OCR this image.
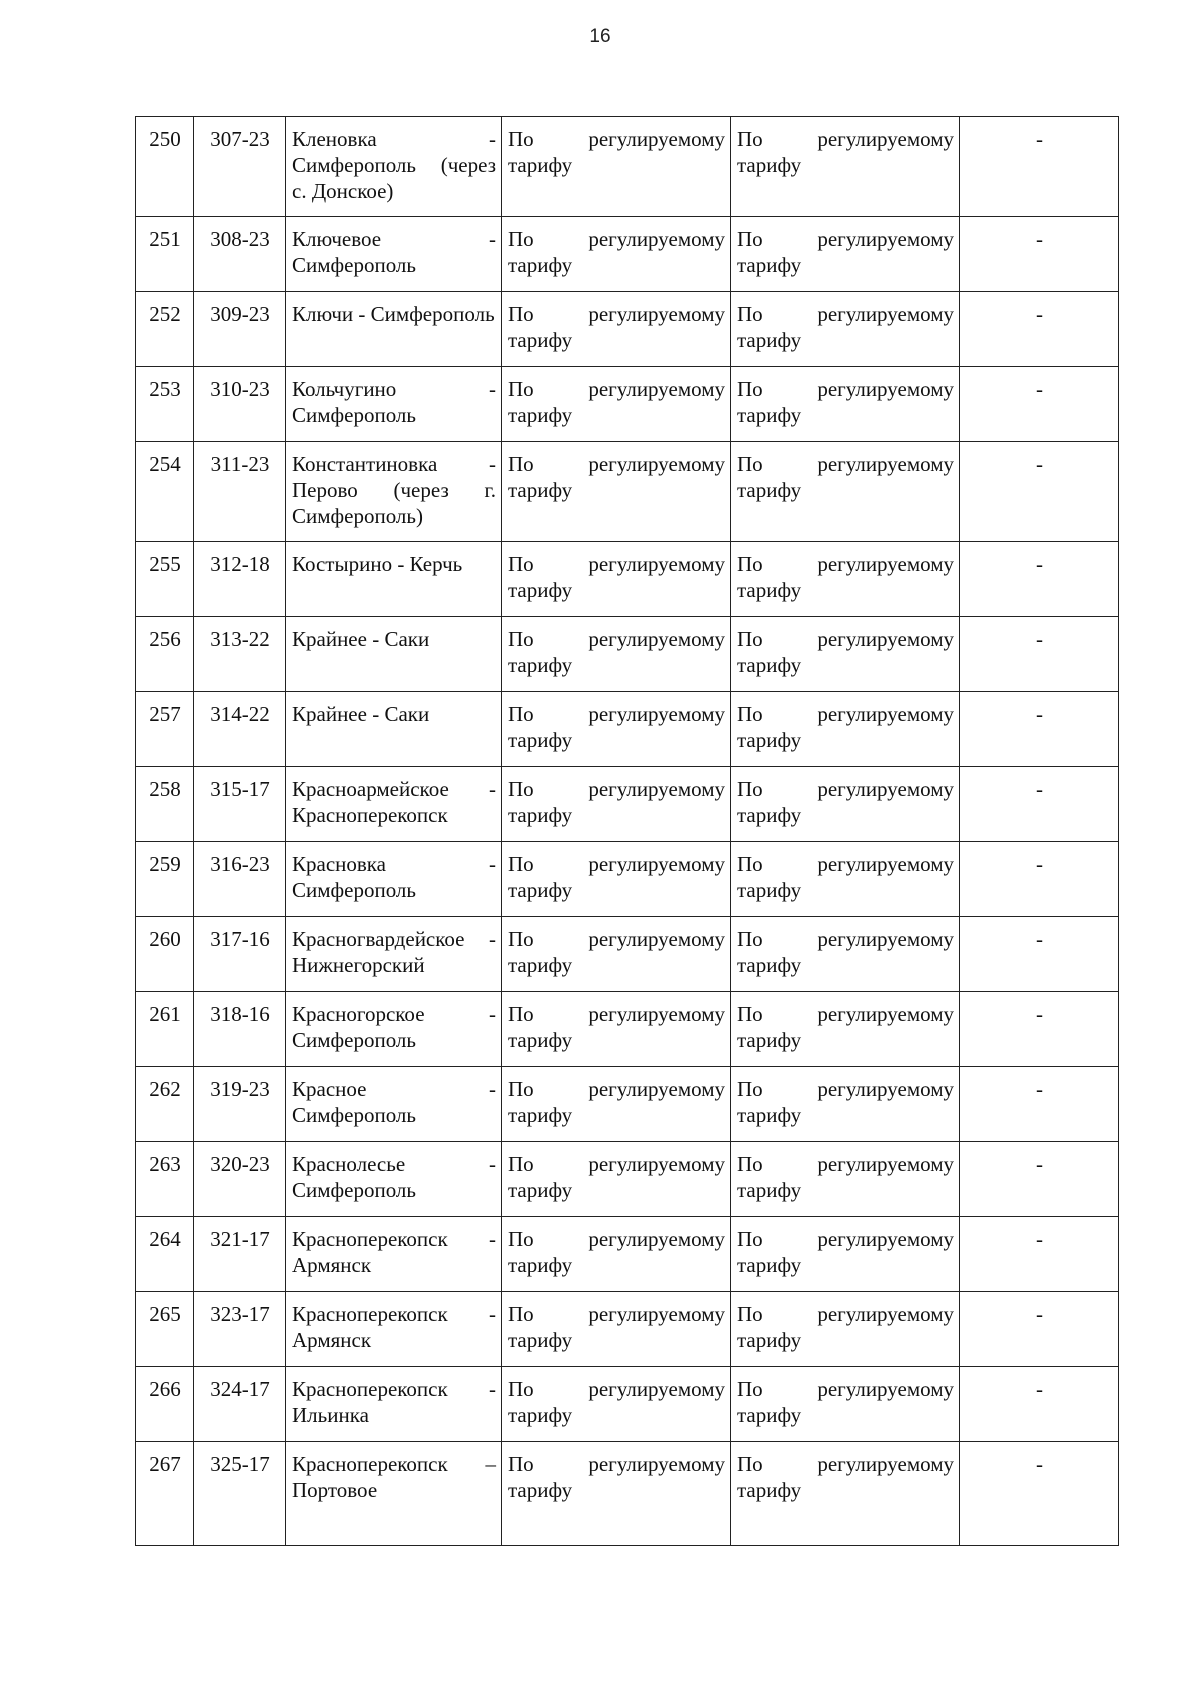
16
250	307-23	Кленовка - Симферополь (через с. Донское)	По регулируемому тарифу	По регулируемому тарифу	-
251	308-23	Ключевое - Симферополь	По регулируемому тарифу	По регулируемому тарифу	-
252	309-23	Ключи - Симферополь	По регулируемому тарифу	По регулируемому тарифу	-
253	310-23	Кольчугино - Симферополь	По регулируемому тарифу	По регулируемому тарифу	-
254	311-23	Константиновка - Перово (через г. Симферополь)	По регулируемому тарифу	По регулируемому тарифу	-
255	312-18	Костырино - Керчь	По регулируемому тарифу	По регулируемому тарифу	-
256	313-22	Крайнее - Саки	По регулируемому тарифу	По регулируемому тарифу	-
257	314-22	Крайнее - Саки	По регулируемому тарифу	По регулируемому тарифу	-
258	315-17	Красноармейское - Красноперекопск	По регулируемому тарифу	По регулируемому тарифу	-
259	316-23	Красновка - Симферополь	По регулируемому тарифу	По регулируемому тарифу	-
260	317-16	Красногвардейское - Нижнегорский	По регулируемому тарифу	По регулируемому тарифу	-
261	318-16	Красногорское - Симферополь	По регулируемому тарифу	По регулируемому тарифу	-
262	319-23	Красное - Симферополь	По регулируемому тарифу	По регулируемому тарифу	-
263	320-23	Краснолесье - Симферополь	По регулируемому тарифу	По регулируемому тарифу	-
264	321-17	Красноперекопск - Армянск	По регулируемому тарифу	По регулируемому тарифу	-
265	323-17	Красноперекопск - Армянск	По регулируемому тарифу	По регулируемому тарифу	-
266	324-17	Красноперекопск - Ильинка	По регулируемому тарифу	По регулируемому тарифу	-
267	325-17	Красноперекопск – Портовое	По регулируемому тарифу	По регулируемому тарифу	-
